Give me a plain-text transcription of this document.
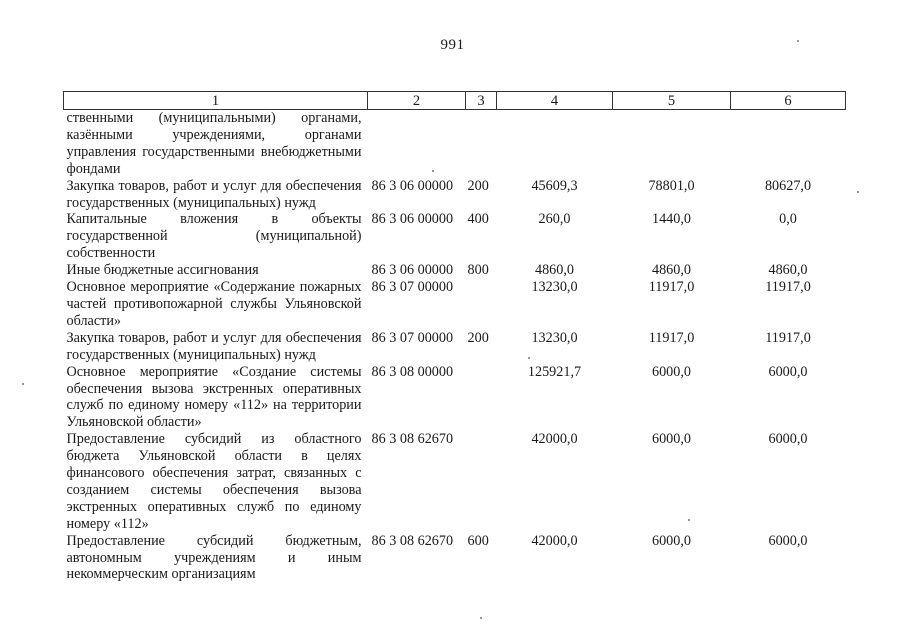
991
1	2	3	4	5	6
ственными (муниципальными) органами, казёнными учреждениями, органами управления государственными внебюджетными фондами					
Закупка товаров, работ и услуг для обеспечения государственных (муниципальных) нужд	86 3 06 00000	200	45609,3	78801,0	80627,0
Капитальные вложения в объекты государственной (муниципальной) собственности	86 3 06 00000	400	260,0	1440,0	0,0
Иные бюджетные ассигнования	86 3 06 00000	800	4860,0	4860,0	4860,0
Основное мероприятие «Содержание пожарных частей противопожарной службы Ульяновской области»	86 3 07 00000		13230,0	11917,0	11917,0
Закупка товаров, работ и услуг для обеспечения государственных (муниципальных) нужд	86 3 07 00000	200	13230,0	11917,0	11917,0
Основное мероприятие «Создание системы обеспечения вызова экстренных оперативных служб по единому номеру «112» на территории Ульяновской области»	86 3 08 00000		125921,7	6000,0	6000,0
Предоставление субсидий из областного бюджета Ульяновской области в целях финансового обеспечения затрат, связанных с созданием системы обеспечения вызова экстренных оперативных служб по единому номеру «112»	86 3 08 62670		42000,0	6000,0	6000,0
Предоставление субсидий бюджетным, автономным учреждениям и иным некоммерческим организациям	86 3 08 62670	600	42000,0	6000,0	6000,0
